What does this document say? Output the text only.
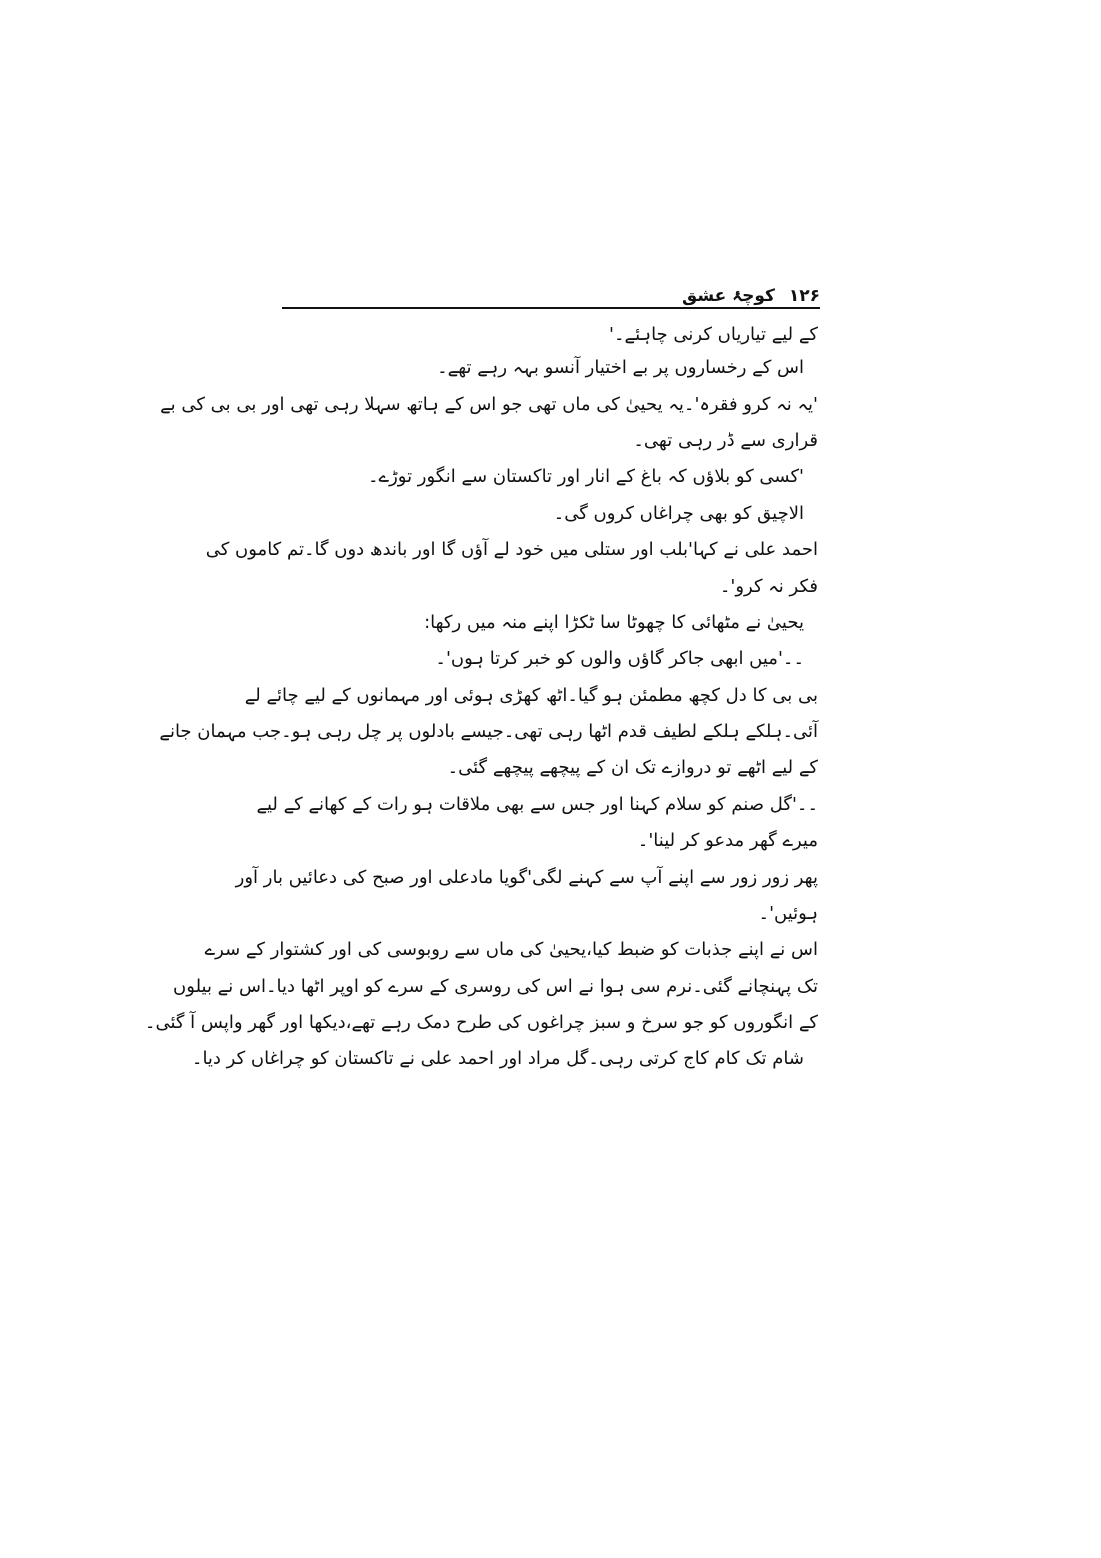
۱۲۶ کوچۂ عشق
کے لیے تیاریاں کرنی چاہئے۔'
اس کے رخساروں پر بے اختیار آنسو بہہ رہے تھے۔
'یہ نہ کرو فقرہ'۔یہ یحییٰ کی ماں تھی جو اس کے ہاتھ سہلا رہی تھی اور بی بی کی بے
قراری سے ڈر رہی تھی۔
'کسی کو بلاؤں کہ باغ کے انار اور تاکستان سے انگور توڑے۔
الاچیق کو بھی چراغاں کروں گی۔
احمد علی نے کہا'بلب اور ستلی میں خود لے آؤں گا اور باندھ دوں گا۔تم کاموں کی
فکر نہ کرو'۔
یحییٰ نے مٹھائی کا چھوٹا سا ٹکڑا اپنے منہ میں رکھا:
۔۔'میں ابھی جاکر گاؤں والوں کو خبر کرتا ہوں'۔
بی بی کا دل کچھ مطمئن ہو گیا۔اٹھ کھڑی ہوئی اور مہمانوں کے لیے چائے لے
آئی۔ہلکے ہلکے لطیف قدم اٹھا رہی تھی۔جیسے بادلوں پر چل رہی ہو۔جب مہمان جانے
کے لیے اٹھے تو دروازے تک ان کے پیچھے پیچھے گئی۔
۔۔'گل صنم کو سلام کہنا اور جس سے بھی ملاقات ہو رات کے کھانے کے لیے
میرے گھر مدعو کر لینا'۔
پھر زور زور سے اپنے آپ سے کہنے لگی'گویا مادعلی اور صبح کی دعائیں بار آور
ہوئیں'۔
اس نے اپنے جذبات کو ضبط کیا،یحییٰ کی ماں سے روبوسی کی اور کشتوار کے سرے
تک پہنچانے گئی۔نرم سی ہوا نے اس کی روسری کے سرے کو اوپر اٹھا دیا۔اس نے بیلوں
کے انگوروں کو جو سرخ و سبز چراغوں کی طرح دمک رہے تھے،دیکھا اور گھر واپس آ گئی۔
شام تک کام کاج کرتی رہی۔گل مراد اور احمد علی نے تاکستان کو چراغاں کر دیا۔
